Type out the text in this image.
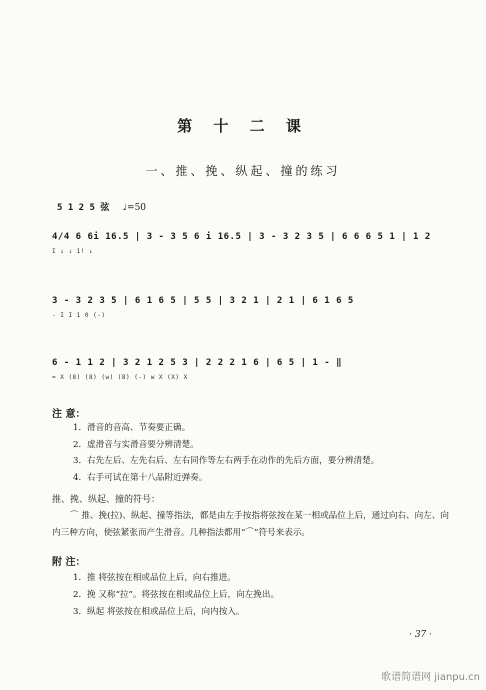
第 十 二 课
一、推、挽、纵起、撞的练习
5 1 2 5 弦 ♩=50
4/4 6 6i 16.5 | 3 - 3 5 6 i 16.5 | 3 - 3 2 3 5 | 6 6 6 5 1 | 1 2
I ↓ ↓ 1! ↓
3 - 3 2 3 5 | 6 1 6 5 | 5 5 | 3 2 1 | 2 1 | 6 1 6 5
- I I 1 0 (-)
6 - 1 1 2 | 3 2 1 2 5 3 | 2 2 2 1 6 | 6 5 | 1 - ‖
= X (8) (8) (w) (8) (-) w X (X) X
注 意：
1．滑音的音高、节奏要正确。
2．虚滑音与实滑音要分辨清楚。
3．右先左后、左先右后、左右同作等左右两手在动作的先后方面，要分辨清楚。
4．右手可试在第十八品附近弹奏。
推、挽、纵起、撞的符号：
⌒ 推、挽(拉)、纵起、撞等指法，都是由左手按指将弦按在某一相或品位上后，通过向右、向左、向内三种方向，使弦紧张而产生滑音。几种指法都用“⌒”符号来表示。
附 注：
1．推 将弦按在相或品位上后，向右推进。
2．挽 又称“拉”。将弦按在相或品位上后，向左挽出。
3．纵起 将弦按在相或品位上后，向内按入。
· 37 ·
歌谱简谱网 jianpu.cn
